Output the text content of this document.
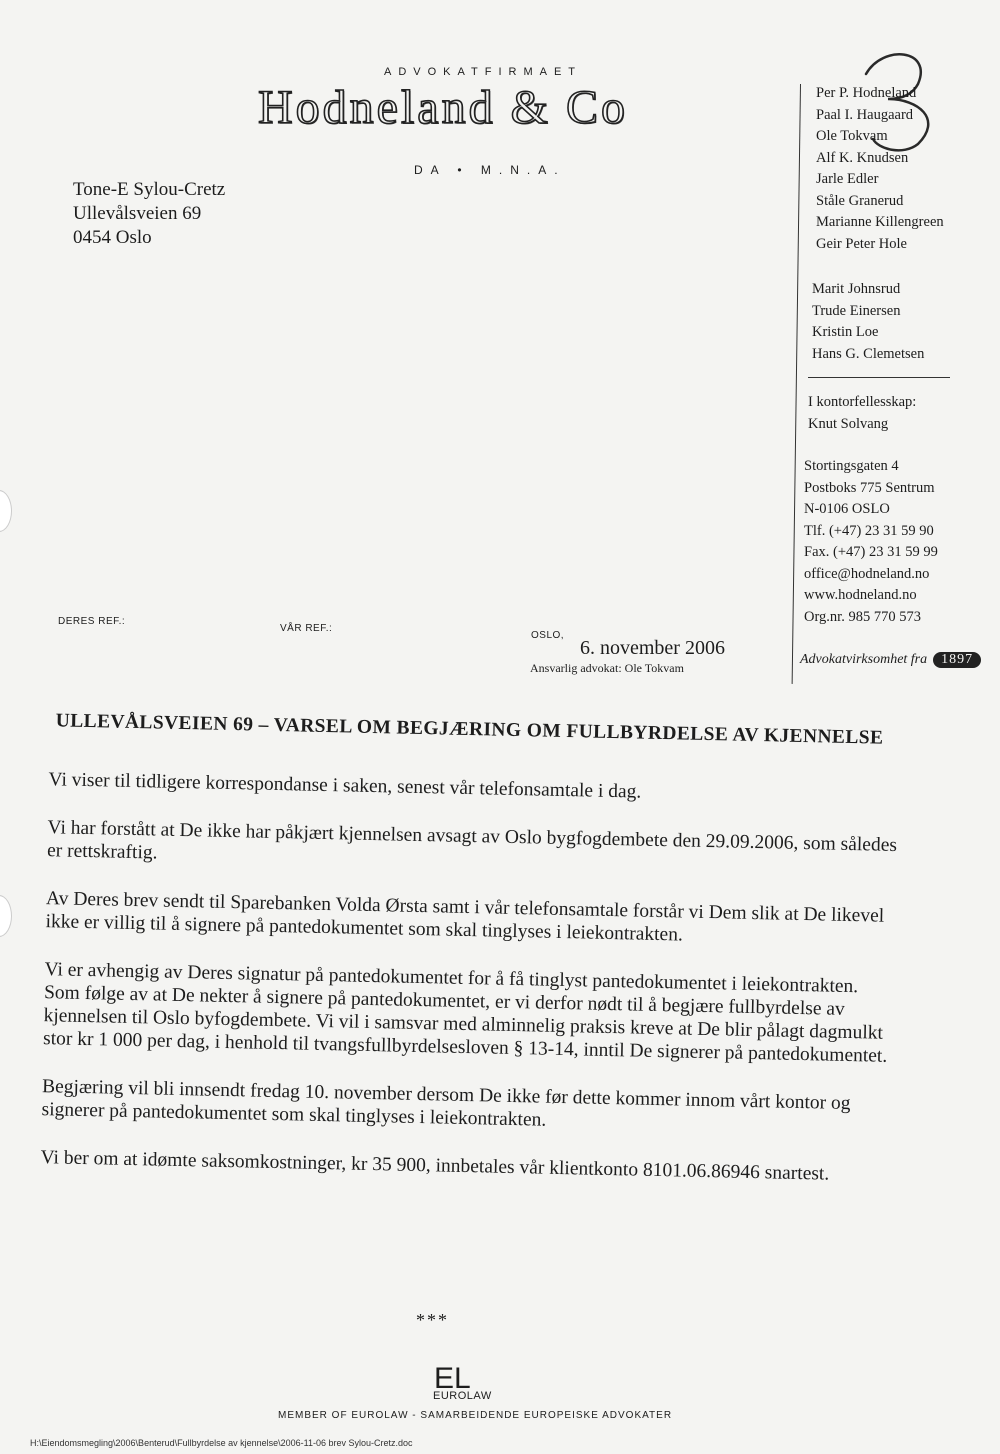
ADVOKATFIRMAET
Hodneland & Co
DA • M.N.A.
Tone-E Sylou-Cretz
Ullevålsveien 69
0454 Oslo
3
Per P. Hodneland
Paal I. Haugaard
Ole Tokvam
Alf K. Knudsen
Jarle Edler
Ståle Granerud
Marianne Killengreen
Geir Peter Hole
Marit Johnsrud
Trude Einersen
Kristin Loe
Hans G. Clemetsen
I kontorfellesskap:
Knut Solvang
Stortingsgaten 4
Postboks 775 Sentrum
N-0106 OSLO
Tlf. (+47) 23 31 59 90
Fax. (+47) 23 31 59 99
office@hodneland.no
www.hodneland.no
Org.nr. 985 770 573
Advokatvirksomhet fra 1897
DERES REF.:
VÅR REF.:
OSLO,
6. november 2006
Ansvarlig advokat: Ole Tokvam
ULLEVÅLSVEIEN 69 – VARSEL OM BEGJÆRING OM FULLBYRDELSE AV KJENNELSE
Vi viser til tidligere korrespondanse i saken, senest vår telefonsamtale i dag.
Vi har forstått at De ikke har påkjært kjennelsen avsagt av Oslo bygfogdembete den 29.09.2006, som således er rettskraftig.
Av Deres brev sendt til Sparebanken Volda Ørsta samt i vår telefonsamtale forstår vi Dem slik at De likevel ikke er villig til å signere på pantedokumentet som skal tinglyses i leiekontrakten.
Vi er avhengig av Deres signatur på pantedokumentet for å få tinglyst pantedokumentet i leiekontrakten. Som følge av at De nekter å signere på pantedokumentet, er vi derfor nødt til å begjære fullbyrdelse av kjennelsen til Oslo byfogdembete. Vi vil i samsvar med alminnelig praksis kreve at De blir pålagt dagmulkt stor kr 1 000 per dag, i henhold til tvangsfullbyrdelsesloven § 13-14, inntil De signerer på pantedokumentet.
Begjæring vil bli innsendt fredag 10. november dersom De ikke før dette kommer innom vårt kontor og signerer på pantedokumentet som skal tinglyses i leiekontrakten.
Vi ber om at idømte saksomkostninger, kr 35 900, innbetales vår klientkonto 8101.06.86946 snartest.
***
EL
EUROLAW
MEMBER OF EUROLAW - SAMARBEIDENDE EUROPEISKE ADVOKATER
H:\Eiendomsmegling\2006\Benterud\Fullbyrdelse av kjennelse\2006-11-06 brev Sylou-Cretz.doc
